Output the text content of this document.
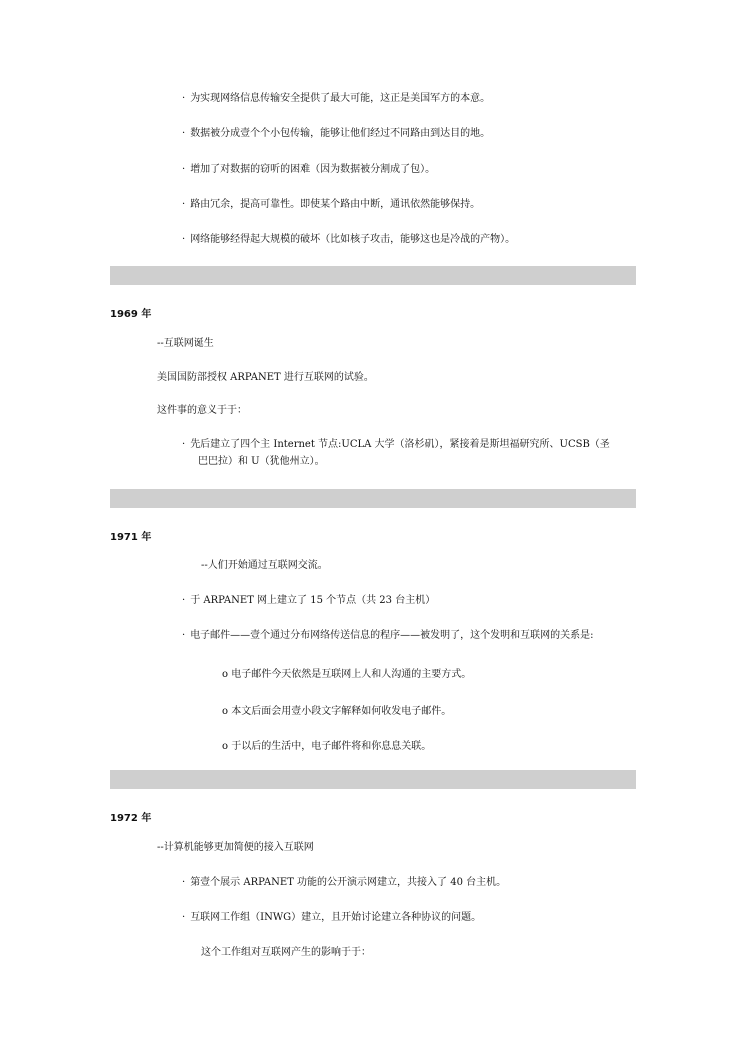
· 为实现网络信息传输安全提供了最大可能，这正是美国军方的本意。
· 数据被分成壹个个小包传输，能够让他们经过不同路由到达目的地。
· 增加了对数据的窃听的困难（因为数据被分割成了包）。
· 路由冗余，提高可靠性。即使某个路由中断，通讯依然能够保持。
· 网络能够经得起大规模的破坏（比如核子攻击，能够这也是冷战的产物）。
1969 年
--互联网诞生
美国国防部授权 ARPANET 进行互联网的试验。
这件事的意义于于：
· 先后建立了四个主 Internet 节点:UCLA 大学（洛杉矶），紧接着是斯坦福研究所、UCSB（圣
巴巴拉）和 U（犹他州立）。
1971 年
--人们开始通过互联网交流。
· 于 ARPANET 网上建立了 15 个节点（共 23 台主机）
· 电子邮件——壹个通过分布网络传送信息的程序——被发明了，这个发明和互联网的关系是:
o 电子邮件今天依然是互联网上人和人沟通的主要方式。
o 本文后面会用壹小段文字解释如何收发电子邮件。
o 于以后的生活中，电子邮件将和你息息关联。
1972 年
--计算机能够更加简便的接入互联网
· 第壹个展示 ARPANET 功能的公开演示网建立，共接入了 40 台主机。
· 互联网工作组（INWG）建立，且开始讨论建立各种协议的问题。
这个工作组对互联网产生的影响于于：
